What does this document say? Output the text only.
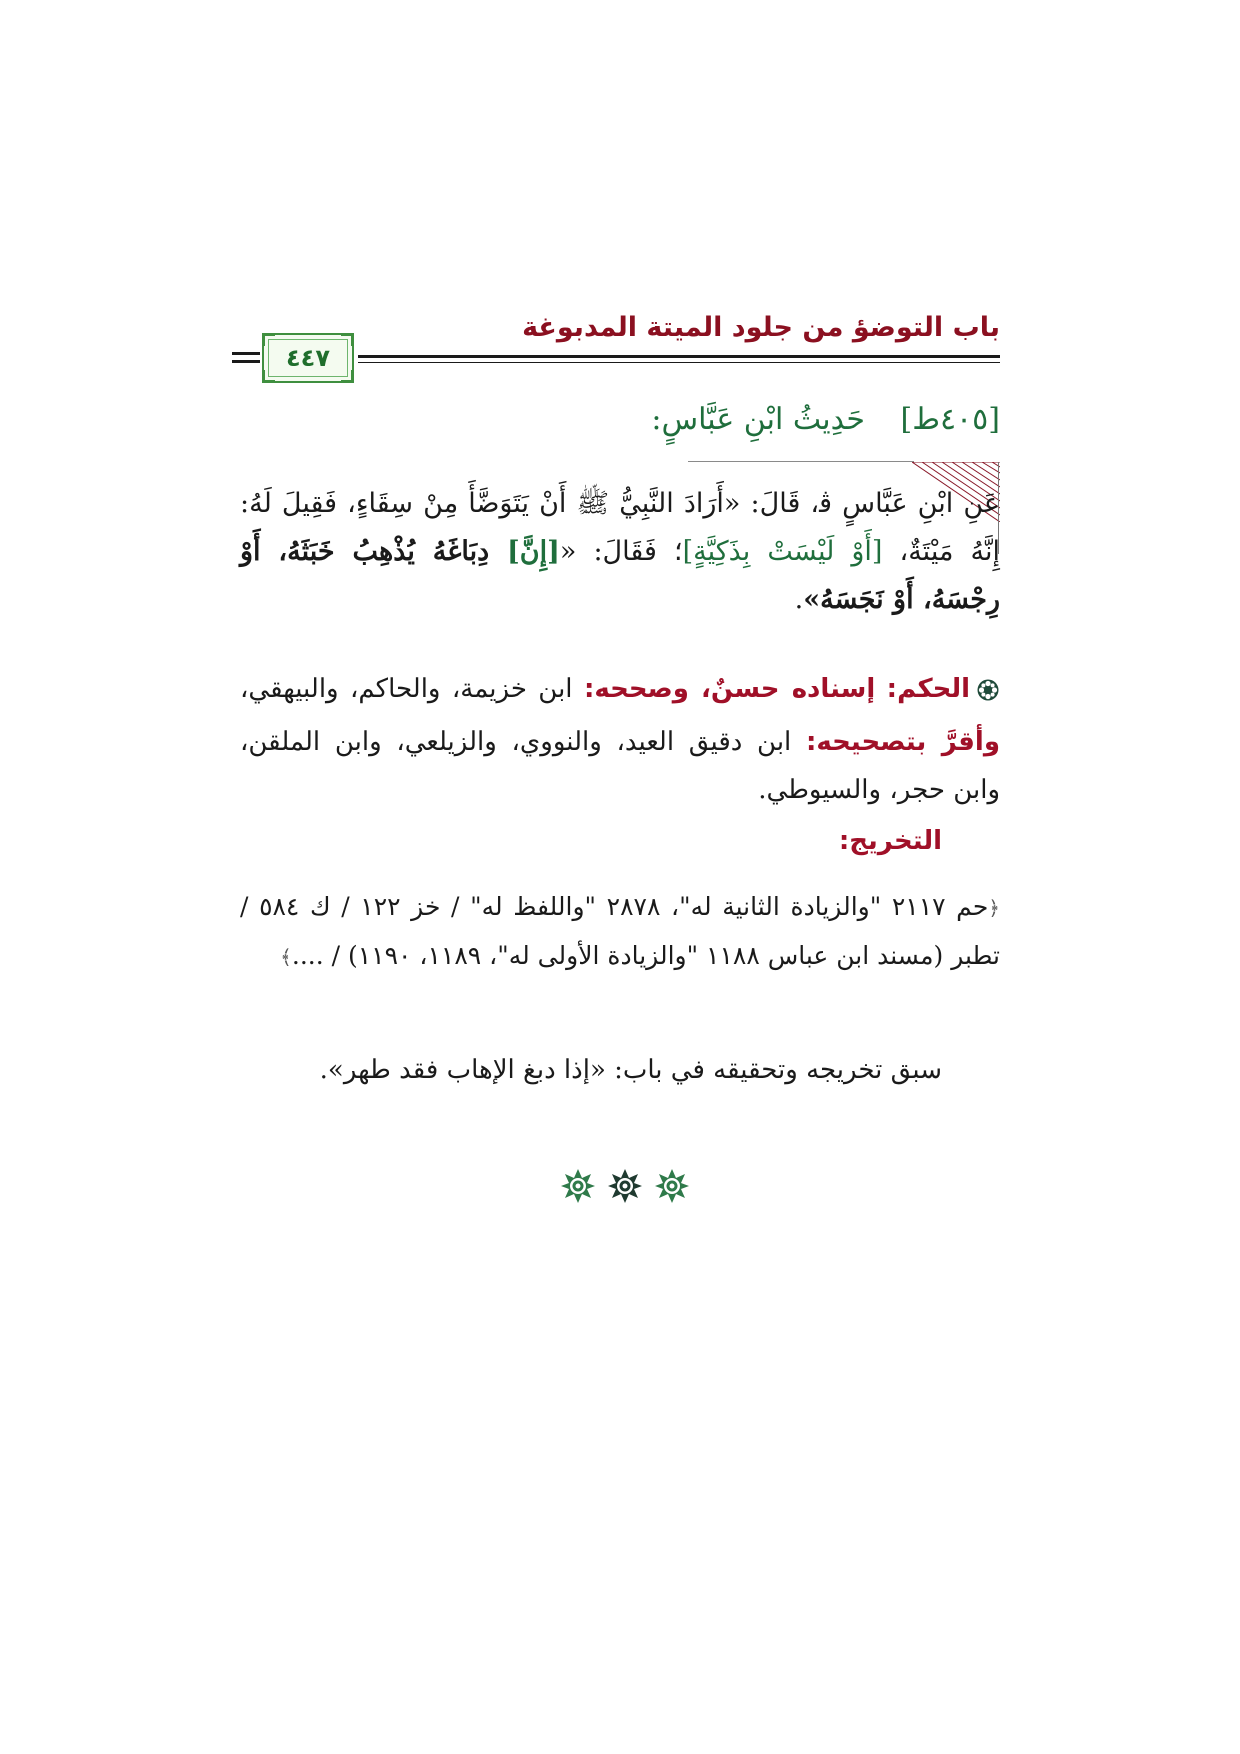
باب التوضؤ من جلود الميتة المدبوغة
٤٤٧
[٤٠٥ط] حَدِيثُ ابْنِ عَبَّاسٍ:
عَنِ ابْنِ عَبَّاسٍ ﭬ، قَالَ: «أَرَادَ النَّبِيُّ ﷺ أَنْ يَتَوَضَّأَ مِنْ سِقَاءٍ، فَقِيلَ لَهُ: إِنَّهُ مَيْتَةٌ، [أَوْ لَيْسَتْ بِذَكِيَّةٍ]؛ فَقَالَ: «[إِنَّ] دِبَاغَهُ يُذْهِبُ خَبَثَهُ، أَوْ رِجْسَهُ، أَوْ نَجَسَهُ».
الحكم: إسناده حسنٌ، وصححه: ابن خزيمة، والحاكم، والبيهقي، وأقرَّ بتصحيحه: ابن دقيق العيد، والنووي، والزيلعي، وابن الملقن، وابن حجر، والسيوطي.
التخريج:
﴿حم ٢١١٧ "والزيادة الثانية له"، ٢٨٧٨ "واللفظ له" / خز ١٢٢ / ك ٥٨٤ / تطبر (مسند ابن عباس ١١٨٨ "والزيادة الأولى له"، ١١٨٩، ١١٩٠) / ....﴾
سبق تخريجه وتحقيقه في باب: «إذا دبغ الإهاب فقد طهر».
